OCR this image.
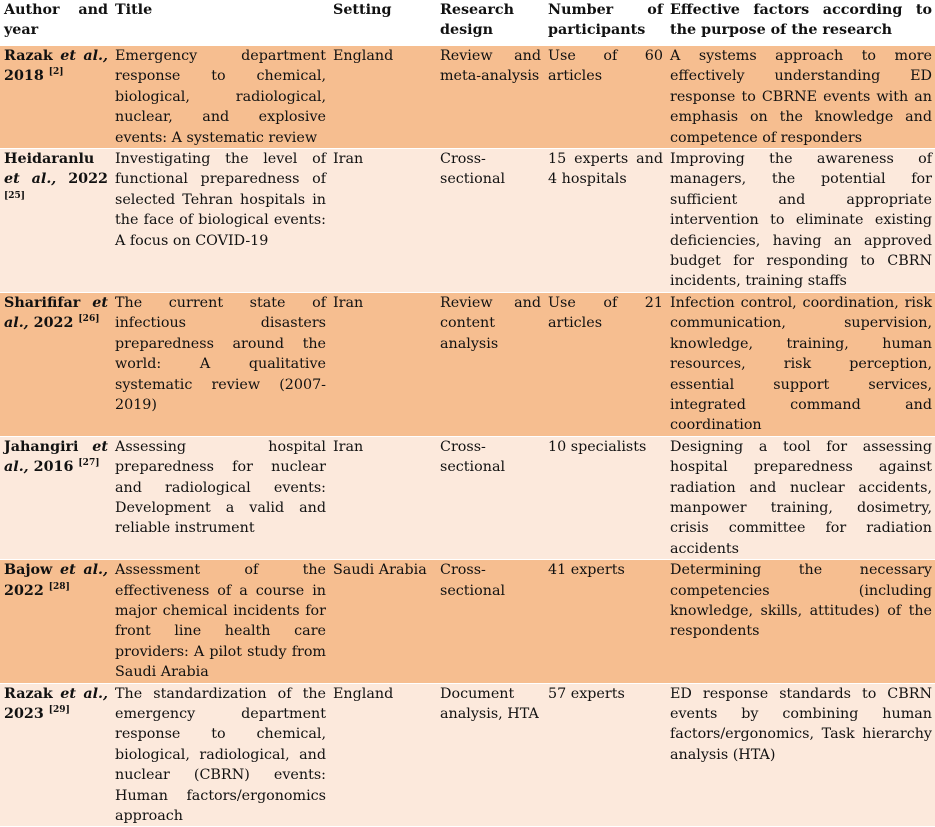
Author and year	Title	Setting	Research design	Number of participants	Effective factors according to the purpose of the research
Razak et al., 2018 [2]	Emergency department response to chemical, biological, radiological, nuclear, and explosive events: A systematic review	England	Review and meta-analysis	Use of 60 articles	A systems approach to more effectively understanding ED response to CBRNE events with an emphasis on the knowledge and competence of responders
Heidaranlu et al., 2022 [25]	Investigating the level of functional preparedness of selected Tehran hospitals in the face of biological events: A focus on COVID-19	Iran	Cross-sectional	15 experts and 4 hospitals	Improving the awareness of managers, the potential for sufficient and appropriate intervention to eliminate existing deficiencies, having an approved budget for responding to CBRN incidents, training staffs
Sharififar et al., 2022 [26]	The current state of infectious disasters preparedness around the world: A qualitative systematic review (2007-2019)	Iran	Review and content analysis	Use of 21 articles	Infection control, coordination, risk communication, supervision, knowledge, training, human resources, risk perception, essential support services, integrated command and coordination
Jahangiri et al., 2016 [27]	Assessing hospital preparedness for nuclear and radiological events: Development a valid and reliable instrument	Iran	Cross-sectional	10 specialists	Designing a tool for assessing hospital preparedness against radiation and nuclear accidents, manpower training, dosimetry, crisis committee for radiation accidents
Bajow et al., 2022 [28]	Assessment of the effectiveness of a course in major chemical incidents for front line health care providers: A pilot study from Saudi Arabia	Saudi Arabia	Cross-sectional	41 experts	Determining the necessary competencies (including knowledge, skills, attitudes) of the respondents
Razak et al., 2023 [29]	The standardization of the emergency department response to chemical, biological, radiological, and nuclear (CBRN) events: Human factors/ergonomics approach	England	Document analysis, HTA	57 experts	ED response standards to CBRN events by combining human factors/ergonomics, Task hierarchy analysis (HTA)
